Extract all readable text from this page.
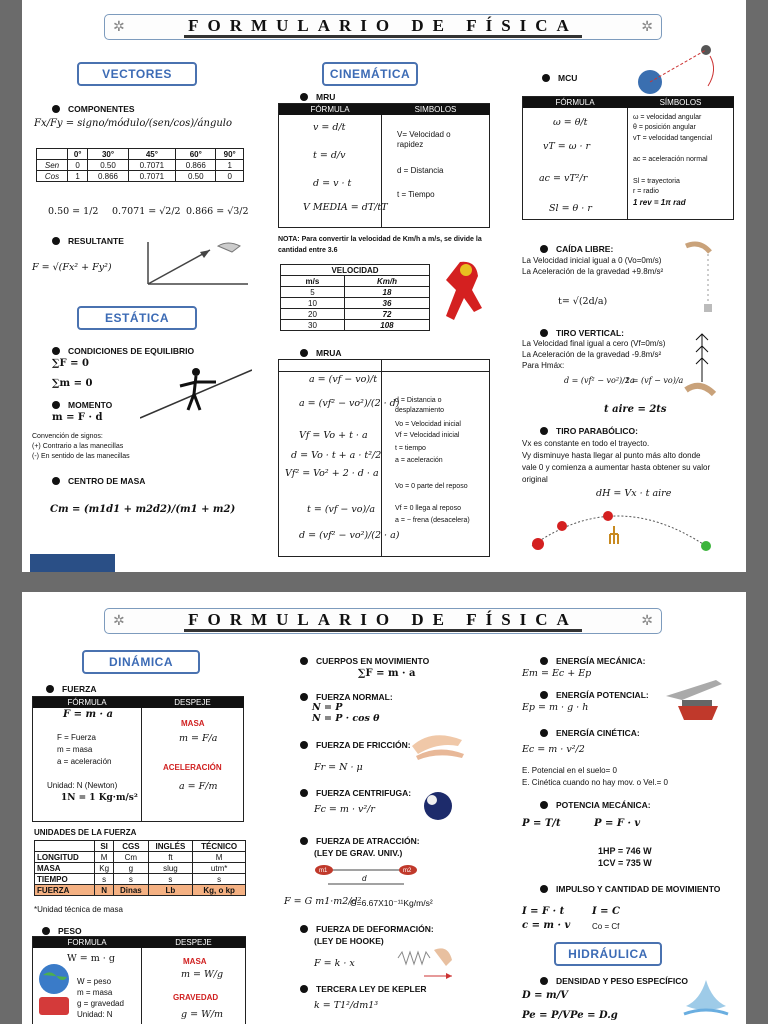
✲	FORMULARIO DE FÍSICA	✲
VECTORES
COMPONENTES
Fx/Fy = signo/módulo/(sen/cos)/ángulo
	0°	30°	45°	60°	90°
Sen	0	0.50	0.7071	0.866	1
Cos	1	0.866	0.7071	0.50	0
0.50 = 1/2 0.7071 = √2/2 0.866 = √3/2
RESULTANTE
F = √(Fx² + Fy²)
ESTÁTICA
CONDICIONES DE EQUILIBRIO
∑F = 0
∑m = 0
MOMENTO
m = F · d
Convención de signos:
(+) Contrario a las manecillas
(-) En sentido de las manecillas
CENTRO DE MASA
Cm = (m1d1 + m2d2)/(m1 + m2)
CINEMÁTICA
MRU
FÓRMULA	SIMBOLOS
v = d/t
t = d/v
d = v · t
V MEDIA = dT/tT
V= Velocidad o rapidez
d = Distancia
t = Tiempo
NOTA: Para convertir la velocidad de Km/h a m/s, se divide la cantidad entre 3.6
VELOCIDAD	
m/s	Km/h
5	18
10	36
20	72
30	108
MRUA
a = (vf − vo)/t
a = (vf² − vo²)/(2 · d)
Vf = Vo + t · a
d = Vo · t + a · t²/2
Vf² = Vo² + 2 · d · a
t = (vf − vo)/a
d = (vf² − vo²)/(2 · a)
d = Distancia o desplazamiento
Vo = Velocidad inicial
Vf = Velocidad inicial
t = tiempo
a = aceleración
Vo = 0 parte del reposo
Vf = 0 llega al reposo
a = − frena (desacelera)
MCU
FÓRMULA	SÍMBOLOS
ω = θ/t
vT = ω · r
ac = vT²/r
Sl = θ · r
ω = velocidad angular
θ = posición angular
vT = velocidad tangencial
ac = aceleración normal
Sl = trayectoria
r = radio
1 rev = 1π rad
CAÍDA LIBRE:
La Velocidad inicial igual a 0 (Vo=0m/s)
La Aceleración de la gravedad +9.8m/s²
t= √(2d/a)
TIRO VERTICAL:
La Velocidad final igual a cero (Vf=0m/s)
La Aceleración de la gravedad -9.8m/s²
Para Hmáx:
d = (vf² − vo²)/2a
t = (vf − vo)/a
t aire = 2ts
TIRO PARABÓLICO:
Vx es constante en todo el trayecto.
Vy disminuye hasta llegar al punto más alto donde
vale 0 y comienza a aumentar hasta obtener su valor
original
dH = Vx · t aire
✲	FORMULARIO DE FÍSICA	✲
DINÁMICA
FUERZA
FÓRMULA	DESPEJE
F = m · a
F = Fuerza
m = masa
a = aceleración
Unidad: N (Newton)
1N = 1 Kg·m/s²
MASA
m = F/a
ACELERACIÓN
a = F/m
UNIDADES DE LA FUERZA
	SI	CGS	INGLÉS	TÉCNICO
LONGITUD	M	Cm	ft	M
MASA	Kg	g	slug	utm*
TIEMPO	s	s	s	s
FUERZA	N	Dinas	Lb	Kg, o kp
*Unidad técnica de masa
PESO
FORMULA	DESPEJE
W = m · g
W = peso
m = masa
g = gravedad
Unidad: N
MASA
m = W/g
GRAVEDAD
g = W/m
CUERPOS EN MOVIMIENTO
∑F = m · a
FUERZA NORMAL:
N = P
N = P · cos θ
FUERZA DE FRICCIÓN:
Fr = N · μ
FUERZA CENTRIFUGA:
Fc = m · v²/r
FUERZA DE ATRACCIÓN:
(LEY DE GRAV. UNIV.)
m1	m2
d
F = G m1·m2/d²
G=6.67X10⁻¹¹Kg/m/s²
FUERZA DE DEFORMACIÓN:
(LEY DE HOOKE)
F = k · x
TERCERA LEY DE KEPLER
k = T1²/dm1³
ENERGÍA MECÁNICA:
Em = Ec + Ep
ENERGÍA POTENCIAL:
Ep = m · g · h
ENERGÍA CINÉTICA:
Ec = m · v²/2
E. Potencial en el suelo= 0
E. Cinética cuando no hay mov. o Vel.= 0
POTENCIA MECÁNICA:
P = T/t	P = F · v
1HP = 746 W
1CV = 735 W
IMPULSO Y CANTIDAD DE MOVIMIENTO
I = F · t	I = C
c = m · v	Co = Cf
HIDRÁULICA
DENSIDAD Y PESO ESPECÍFICO
D = m/V
Pe = P/V Pe = D.g
